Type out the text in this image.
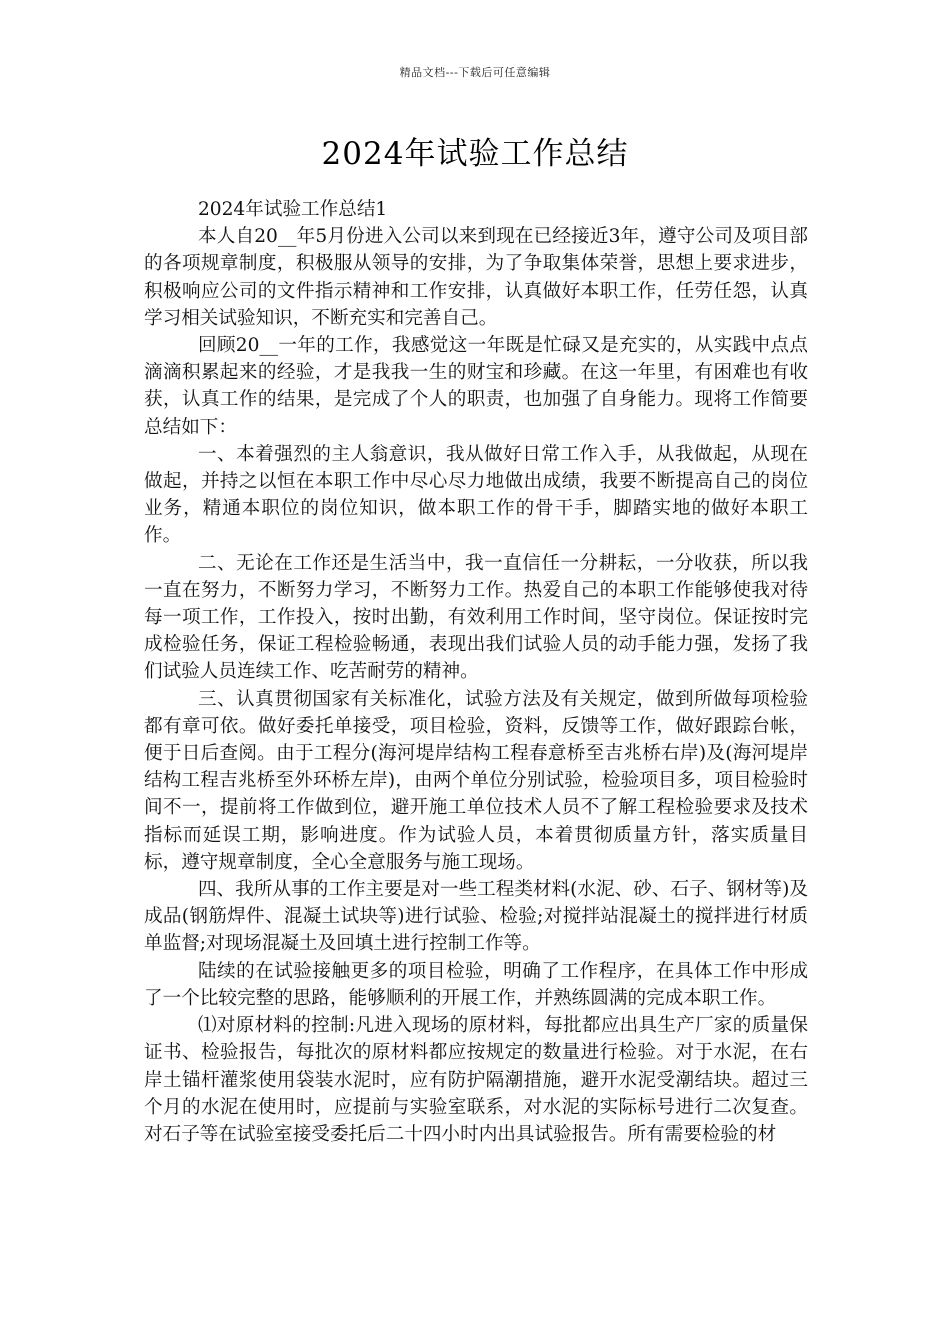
精品文档---下载后可任意编辑
2024年试验工作总结

2024年试验工作总结1

本人自20__年5月份进入公司以来到现在已经接近3年，遵守公司及项目部的各项规章制度，积极服从领导的安排，为了争取集体荣誉，思想上要求进步，积极响应公司的文件指示精神和工作安排，认真做好本职工作，任劳任怨，认真学习相关试验知识，不断充实和完善自己。

回顾20__一年的工作，我感觉这一年既是忙碌又是充实的，从实践中点点滴滴积累起来的经验，才是我我一生的财宝和珍藏。在这一年里，有困难也有收获，认真工作的结果，是完成了个人的职责，也加强了自身能力。现将工作简要总结如下：

一、本着强烈的主人翁意识，我从做好日常工作入手，从我做起，从现在做起，并持之以恒在本职工作中尽心尽力地做出成绩，我要不断提高自己的岗位业务，精通本职位的岗位知识，做本职工作的骨干手，脚踏实地的做好本职工作。

二、无论在工作还是生活当中，我一直信任一分耕耘，一分收获，所以我一直在努力，不断努力学习，不断努力工作。热爱自己的本职工作能够使我对待每一项工作，工作投入，按时出勤，有效利用工作时间，坚守岗位。保证按时完成检验任务，保证工程检验畅通，表现出我们试验人员的动手能力强，发扬了我们试验人员连续工作、吃苦耐劳的精神。

三、认真贯彻国家有关标准化，试验方法及有关规定，做到所做每项检验都有章可依。做好委托单接受，项目检验，资料，反馈等工作，做好跟踪台帐，便于日后查阅。由于工程分(海河堤岸结构工程春意桥至吉兆桥右岸)及(海河堤岸结构工程吉兆桥至外环桥左岸)，由两个单位分别试验，检验项目多，项目检验时间不一，提前将工作做到位，避开施工单位技术人员不了解工程检验要求及技术指标而延误工期，影响进度。作为试验人员，本着贯彻质量方针，落实质量目标，遵守规章制度，全心全意服务与施工现场。

四、我所从事的工作主要是对一些工程类材料(水泥、砂、石子、钢材等)及成品(钢筋焊件、混凝土试块等)进行试验、检验;对搅拌站混凝土的搅拌进行材质单监督;对现场混凝土及回填土进行控制工作等。

陆续的在试验接触更多的项目检验，明确了工作程序，在具体工作中形成了一个比较完整的思路，能够顺利的开展工作，并熟练圆满的完成本职工作。

⑴对原材料的控制:凡进入现场的原材料，每批都应出具生产厂家的质量保证书、检验报告，每批次的原材料都应按规定的数量进行检验。对于水泥，在右岸土锚杆灌浆使用袋装水泥时，应有防护隔潮措施，避开水泥受潮结块。超过三个月的水泥在使用时，应提前与实验室联系，对水泥的实际标号进行二次复查。对石子等在试验室接受委托后二十四小时内出具试验报告。所有需要检验的材
